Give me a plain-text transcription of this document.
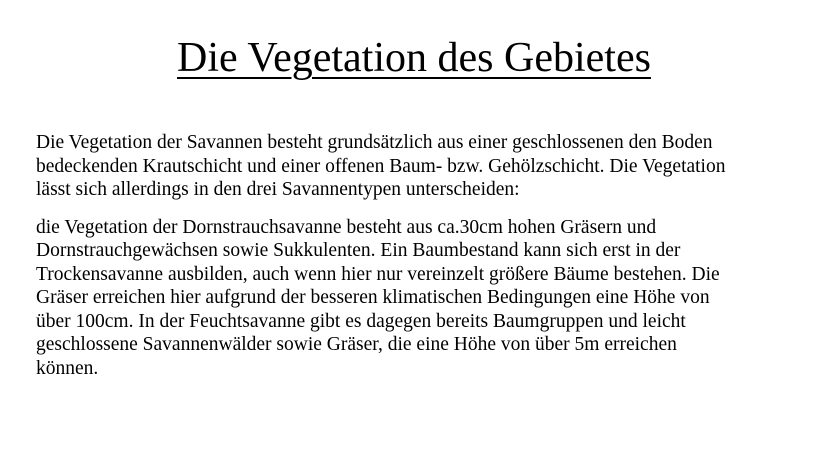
Die Vegetation des Gebietes

Die Vegetation der Savannen besteht grundsätzlich aus einer geschlossenen den Boden
bedeckenden Krautschicht und einer offenen Baum- bzw. Gehölzschicht. Die Vegetation
lässt sich allerdings in den drei Savannentypen unterscheiden:

die Vegetation der Dornstrauchsavanne besteht aus ca.30cm hohen Gräsern und
Dornstrauchgewächsen sowie Sukkulenten. Ein Baumbestand kann sich erst in der
Trockensavanne ausbilden, auch wenn hier nur vereinzelt größere Bäume bestehen. Die
Gräser erreichen hier aufgrund der besseren klimatischen Bedingungen eine Höhe von
über 100cm. In der Feuchtsavanne gibt es dagegen bereits Baumgruppen und leicht
geschlossene Savannenwälder sowie Gräser, die eine Höhe von über 5m erreichen
können.
